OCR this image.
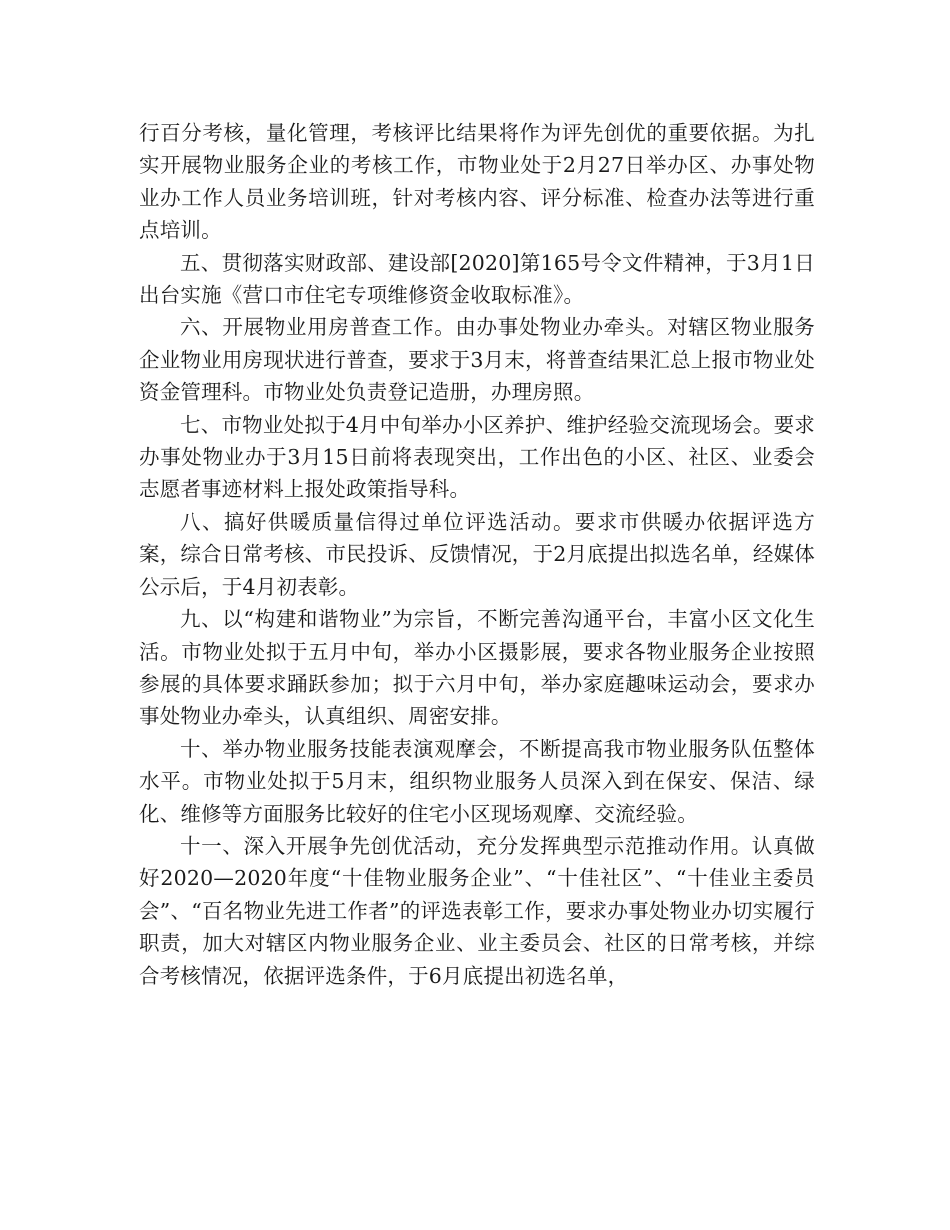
行百分考核，量化管理，考核评比结果将作为评先创优的重要依据。为扎实开展物业服务企业的考核工作，市物业处于2月27日举办区、办事处物业办工作人员业务培训班，针对考核内容、评分标准、检查办法等进行重点培训。

五、贯彻落实财政部、建设部[2020]第165号令文件精神，于3月1日出台实施《营口市住宅专项维修资金收取标准》。

六、开展物业用房普查工作。由办事处物业办牵头。对辖区物业服务企业物业用房现状进行普查，要求于3月末，将普查结果汇总上报市物业处资金管理科。市物业处负责登记造册，办理房照。

七、市物业处拟于4月中旬举办小区养护、维护经验交流现场会。要求办事处物业办于3月15日前将表现突出，工作出色的小区、社区、业委会志愿者事迹材料上报处政策指导科。

八、搞好供暖质量信得过单位评选活动。要求市供暖办依据评选方案，综合日常考核、市民投诉、反馈情况，于2月底提出拟选名单，经媒体公示后，于4月初表彰。

九、以“构建和谐物业”为宗旨，不断完善沟通平台，丰富小区文化生活。市物业处拟于五月中旬，举办小区摄影展，要求各物业服务企业按照参展的具体要求踊跃参加；拟于六月中旬，举办家庭趣味运动会，要求办事处物业办牵头，认真组织、周密安排。

十、举办物业服务技能表演观摩会，不断提高我市物业服务队伍整体水平。市物业处拟于5月末，组织物业服务人员深入到在保安、保洁、绿化、维修等方面服务比较好的住宅小区现场观摩、交流经验。

十一、深入开展争先创优活动，充分发挥典型示范推动作用。认真做好2020—2020年度“十佳物业服务企业”、“十佳社区”、“十佳业主委员会”、“百名物业先进工作者”的评选表彰工作，要求办事处物业办切实履行职责，加大对辖区内物业服务企业、业主委员会、社区的日常考核，并综合考核情况，依据评选条件，于6月底提出初选名单，
